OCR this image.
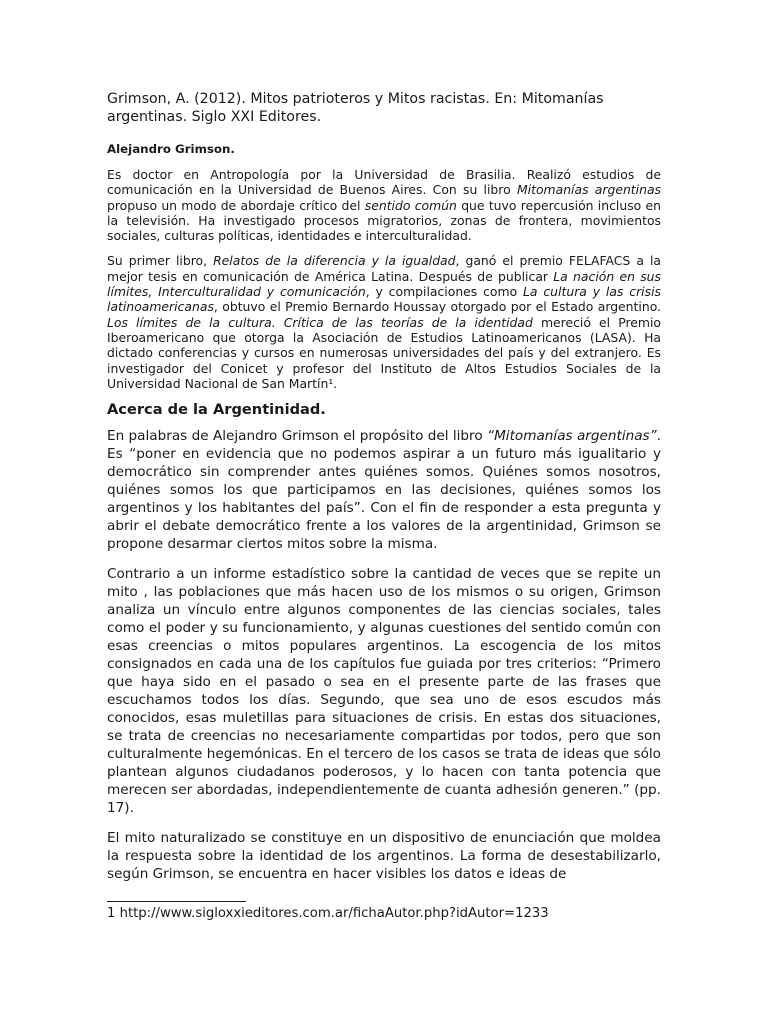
Grimson, A. (2012). Mitos patrioteros y Mitos racistas. En: Mitomanías argentinas. Siglo XXI Editores.

Alejandro Grimson.

Es doctor en Antropología por la Universidad de Brasilia. Realizó estudios de comunicación en la Universidad de Buenos Aires. Con su libro Mitomanías argentinas propuso un modo de abordaje crítico del sentido común que tuvo repercusión incluso en la televisión. Ha investigado procesos migratorios, zonas de frontera, movimientos sociales, culturas políticas, identidades e interculturalidad.

Su primer libro, Relatos de la diferencia y la igualdad, ganó el premio FELAFACS a la mejor tesis en comunicación de América Latina. Después de publicar La nación en sus límites, Interculturalidad y comunicación, y compilaciones como La cultura y las crisis latinoamericanas, obtuvo el Premio Bernardo Houssay otorgado por el Estado argentino. Los límites de la cultura. Crítica de las teorías de la identidad mereció el Premio Iberoamericano que otorga la Asociación de Estudios Latinoamericanos (LASA). Ha dictado conferencias y cursos en numerosas universidades del país y del extranjero. Es investigador del Conicet y profesor del Instituto de Altos Estudios Sociales de la Universidad Nacional de San Martín¹.

Acerca de la Argentinidad.

En palabras de Alejandro Grimson el propósito del libro “Mitomanías argentinas”. Es “poner en evidencia que no podemos aspirar a un futuro más igualitario y democrático sin comprender antes quiénes somos. Quiénes somos nosotros, quiénes somos los que participamos en las decisiones, quiénes somos los argentinos y los habitantes del país”. Con el fin de responder a esta pregunta y abrir el debate democrático frente a los valores de la argentinidad, Grimson se propone desarmar ciertos mitos sobre la misma.

Contrario a un informe estadístico sobre la cantidad de veces que se repite un mito , las poblaciones que más hacen uso de los mismos o su origen, Grimson analiza un vínculo entre algunos componentes de las ciencias sociales, tales como el poder y su funcionamiento, y algunas cuestiones del sentido común con esas creencias o mitos populares argentinos. La escogencia de los mitos consignados en cada una de los capítulos fue guiada por tres criterios: “Primero que haya sido en el pasado o sea en el presente parte de las frases que escuchamos todos los días. Segundo, que sea uno de esos escudos más conocidos, esas muletillas para situaciones de crisis. En estas dos situaciones, se trata de creencias no necesariamente compartidas por todos, pero que son culturalmente hegemónicas. En el tercero de los casos se trata de ideas que sólo plantean algunos ciudadanos poderosos, y lo hacen con tanta potencia que merecen ser abordadas, independientemente de cuanta adhesión generen.” (pp. 17).

El mito naturalizado se constituye en un dispositivo de enunciación que moldea la respuesta sobre la identidad de los argentinos. La forma de desestabilizarlo, según Grimson, se encuentra en hacer visibles los datos e ideas de

1 http://www.sigloxxieditores.com.ar/fichaAutor.php?idAutor=1233
